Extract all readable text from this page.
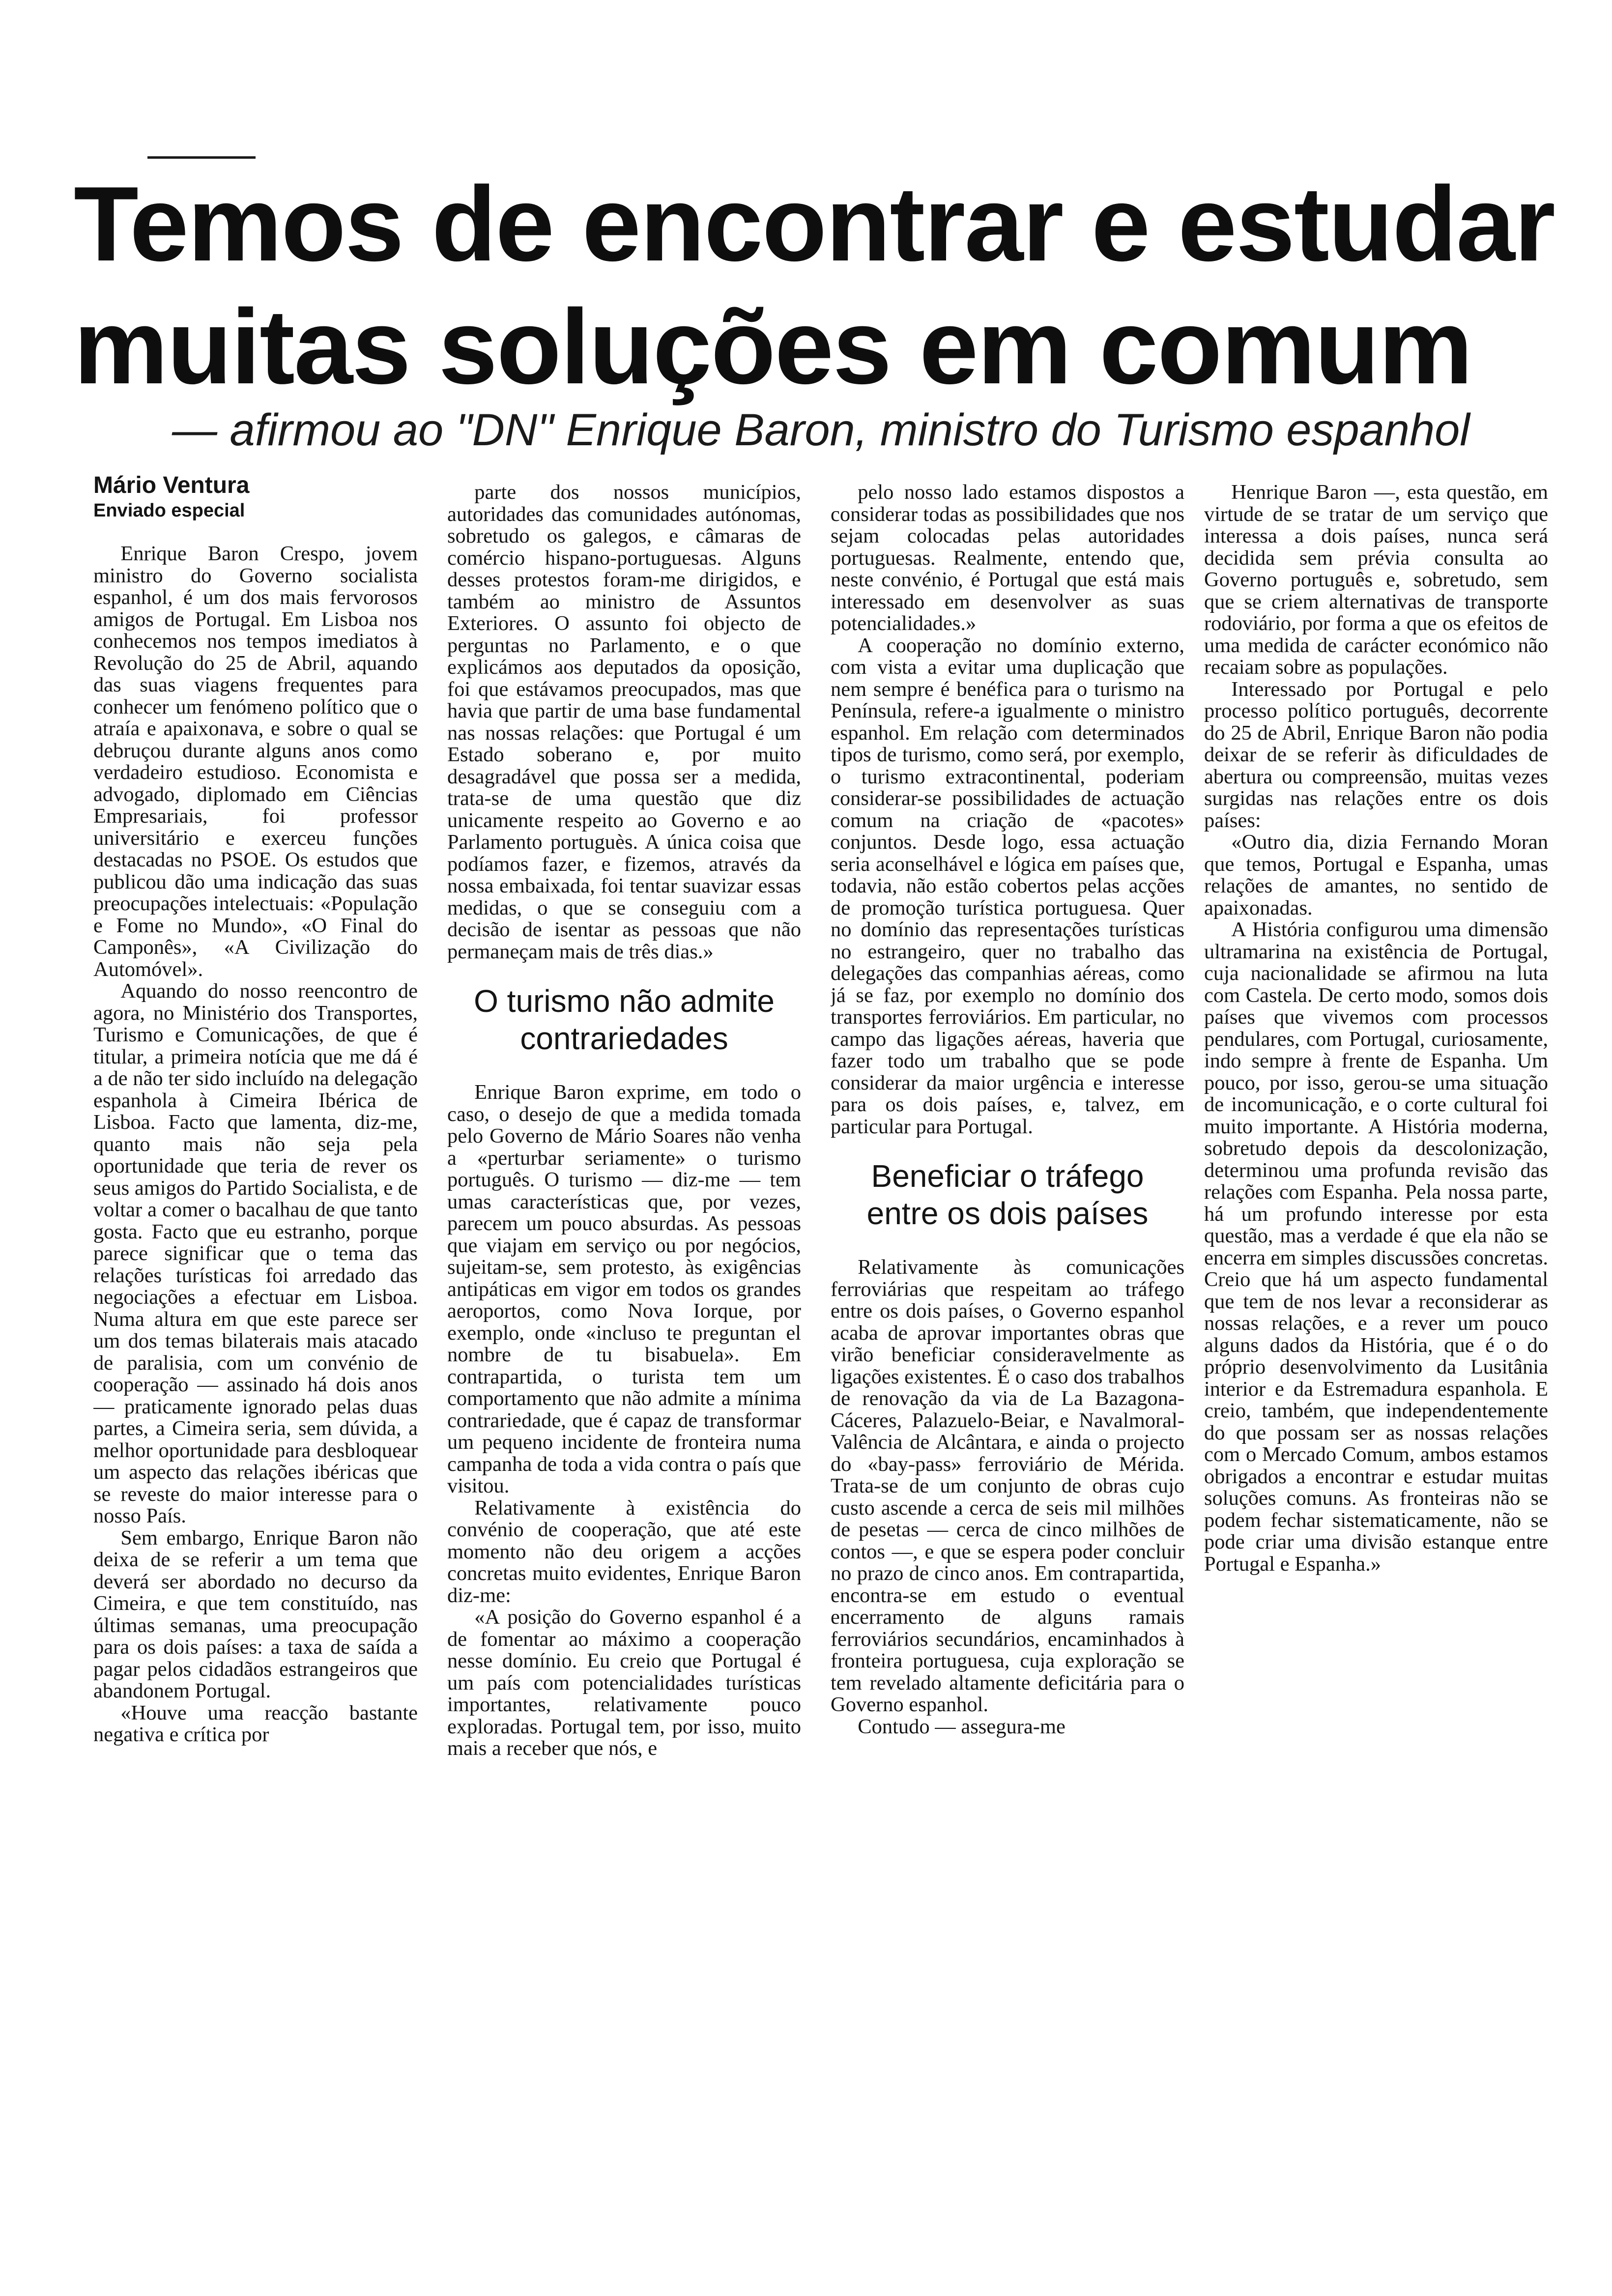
Temos de encontrar e estudar
muitas soluções em comum
— afirmou ao "DN" Enrique Baron, ministro do Turismo espanhol
Mário Ventura
Enviado especial

Enrique Baron Crespo, jovem ministro do Governo socialista espanhol, é um dos mais fervorosos amigos de Portugal. Em Lisboa nos conhecemos nos tempos imediatos à Revolução do 25 de Abril, aquando das suas viagens frequentes para conhecer um fenómeno político que o atraía e apaixonava, e sobre o qual se debruçou durante alguns anos como verdadeiro estudioso. Economista e advogado, diplomado em Ciências Empresariais, foi professor universitário e exerceu funções destacadas no PSOE. Os estudos que publicou dão uma indicação das suas preocupações intelectuais: «População e Fome no Mundo», «O Final do Camponês», «A Civilização do Automóvel».

Aquando do nosso reencontro de agora, no Ministério dos Transportes, Turismo e Comunicações, de que é titular, a primeira notícia que me dá é a de não ter sido incluído na delegação espanhola à Cimeira Ibérica de Lisboa. Facto que lamenta, diz-me, quanto mais não seja pela oportunidade que teria de rever os seus amigos do Partido Socialista, e de voltar a comer o bacalhau de que tanto gosta. Facto que eu estranho, porque parece significar que o tema das relações turísticas foi arredado das negociações a efectuar em Lisboa. Numa altura em que este parece ser um dos temas bilaterais mais atacado de paralisia, com um convénio de cooperação — assinado há dois anos — praticamente ignorado pelas duas partes, a Cimeira seria, sem dúvida, a melhor oportunidade para desbloquear um aspecto das relações ibéricas que se reveste do maior interesse para o nosso País.

Sem embargo, Enrique Baron não deixa de se referir a um tema que deverá ser abordado no decurso da Cimeira, e que tem constituído, nas últimas semanas, uma preocupação para os dois países: a taxa de saída a pagar pelos cidadãos estrangeiros que abandonem Portugal.

«Houve uma reacção bastante negativa e crítica por

parte dos nossos municípios, autoridades das comunidades autónomas, sobretudo os galegos, e câmaras de comércio hispano-portuguesas. Alguns desses protestos foram-me dirigidos, e também ao ministro de Assuntos Exteriores. O assunto foi objecto de perguntas no Parlamento, e o que explicámos aos deputados da oposição, foi que estávamos preocupados, mas que havia que partir de uma base fundamental nas nossas relações: que Portugal é um Estado soberano e, por muito desagradável que possa ser a medida, trata-se de uma questão que diz unicamente respeito ao Governo e ao Parlamento portuguès. A única coisa que podíamos fazer, e fizemos, através da nossa embaixada, foi tentar suavizar essas medidas, o que se conseguiu com a decisão de isentar as pessoas que não permaneçam mais de três dias.»

O turismo não admite
contrariedades

Enrique Baron exprime, em todo o caso, o desejo de que a medida tomada pelo Governo de Mário Soares não venha a «perturbar seriamente» o turismo português. O turismo — diz-me — tem umas características que, por vezes, parecem um pouco absurdas. As pessoas que viajam em serviço ou por negócios, sujeitam-se, sem protesto, às exigências antipáticas em vigor em todos os grandes aeroportos, como Nova Iorque, por exemplo, onde «incluso te preguntan el nombre de tu bisabuela». Em contrapartida, o turista tem um comportamento que não admite a mínima contrariedade, que é capaz de transformar um pequeno incidente de fronteira numa campanha de toda a vida contra o país que visitou.

Relativamente à existência do convénio de cooperação, que até este momento não deu origem a acções concretas muito evidentes, Enrique Baron diz-me:

«A posição do Governo espanhol é a de fomentar ao máximo a cooperação nesse domínio. Eu creio que Portugal é um país com potencialidades turísticas importantes, relativamente pouco exploradas. Portugal tem, por isso, muito mais a receber que nós, e

pelo nosso lado estamos dispostos a considerar todas as possibilidades que nos sejam colocadas pelas autoridades portuguesas. Realmente, entendo que, neste convénio, é Portugal que está mais interessado em desenvolver as suas potencialidades.»

A cooperação no domínio externo, com vista a evitar uma duplicação que nem sempre é benéfica para o turismo na Península, refere-a igualmente o ministro espanhol. Em relação com determinados tipos de turismo, como será, por exemplo, o turismo extracontinental, poderiam considerar-se possibilidades de actuação comum na criação de «pacotes» conjuntos. Desde logo, essa actuação seria aconselhável e lógica em países que, todavia, não estão cobertos pelas acções de promoção turística portuguesa. Quer no domínio das representações turísticas no estrangeiro, quer no trabalho das delegações das companhias aéreas, como já se faz, por exemplo no domínio dos transportes ferroviários. Em particular, no campo das ligações aéreas, haveria que fazer todo um trabalho que se pode considerar da maior urgência e interesse para os dois países, e, talvez, em particular para Portugal.

Beneficiar o tráfego
entre os dois países

Relativamente às comunicações ferroviárias que respeitam ao tráfego entre os dois países, o Governo espanhol acaba de aprovar importantes obras que virão beneficiar consideravelmente as ligações existentes. É o caso dos trabalhos de renovação da via de La Bazagona-Cáceres, Palazuelo-Beiar, e Navalmoral-Valência de Alcântara, e ainda o projecto do «bay-pass» ferroviário de Mérida. Trata-se de um conjunto de obras cujo custo ascende a cerca de seis mil milhões de pesetas — cerca de cinco milhões de contos —, e que se espera poder concluir no prazo de cinco anos. Em contrapartida, encontra-se em estudo o eventual encerramento de alguns ramais ferroviários secundários, encaminhados à fronteira portuguesa, cuja exploração se tem revelado altamente deficitária para o Governo espanhol.

Contudo — assegura-me

Henrique Baron —, esta questão, em virtude de se tratar de um serviço que interessa a dois países, nunca será decidida sem prévia consulta ao Governo português e, sobretudo, sem que se criem alternativas de transporte rodoviário, por forma a que os efeitos de uma medida de carácter económico não recaiam sobre as populações.

Interessado por Portugal e pelo processo político português, decorrente do 25 de Abril, Enrique Baron não podia deixar de se referir às dificuldades de abertura ou compreensão, muitas vezes surgidas nas relações entre os dois países:

«Outro dia, dizia Fernando Moran que temos, Portugal e Espanha, umas relações de amantes, no sentido de apaixonadas.

A História configurou uma dimensão ultramarina na existência de Portugal, cuja nacionalidade se afirmou na luta com Castela. De certo modo, somos dois países que vivemos com processos pendulares, com Portugal, curiosamente, indo sempre à frente de Espanha. Um pouco, por isso, gerou-se uma situação de incomunicação, e o corte cultural foi muito importante. A História moderna, sobretudo depois da descolonização, determinou uma profunda revisão das relações com Espanha. Pela nossa parte, há um profundo interesse por esta questão, mas a verdade é que ela não se encerra em simples discussões concretas. Creio que há um aspecto fundamental que tem de nos levar a reconsiderar as nossas relações, e a rever um pouco alguns dados da História, que é o do próprio desenvolvimento da Lusitânia interior e da Estremadura espanhola. E creio, também, que independentemente do que possam ser as nossas relações com o Mercado Comum, ambos estamos obrigados a encontrar e estudar muitas soluções comuns. As fronteiras não se podem fechar sistematicamente, não se pode criar uma divisão estanque entre Portugal e Espanha.»
